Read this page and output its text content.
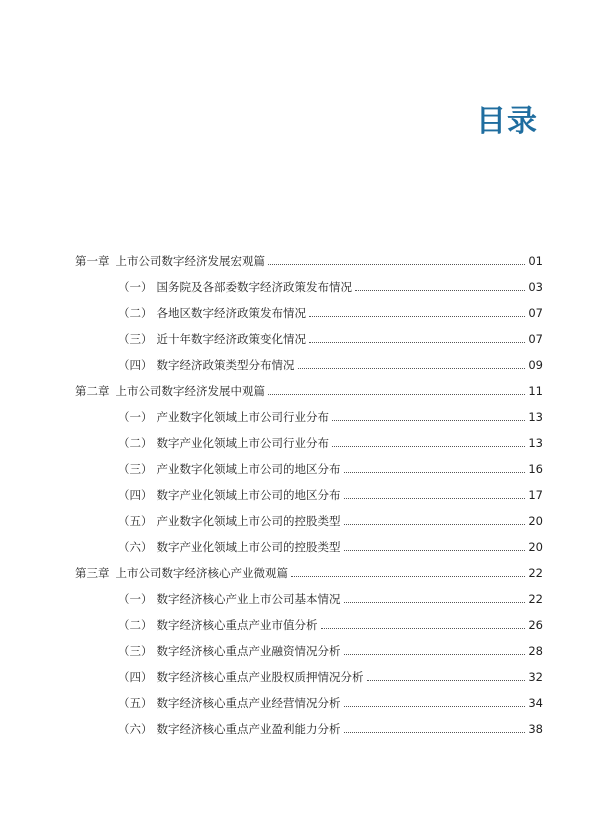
目录
第一章 上市公司数字经济发展宏观篇	01
（一） 国务院及各部委数字经济政策发布情况	03
（二） 各地区数字经济政策发布情况	07
（三） 近十年数字经济政策变化情况	07
（四） 数字经济政策类型分布情况	09
第二章 上市公司数字经济发展中观篇	11
（一） 产业数字化领域上市公司行业分布	13
（二） 数字产业化领域上市公司行业分布	13
（三） 产业数字化领域上市公司的地区分布	16
（四） 数字产业化领域上市公司的地区分布	17
（五） 产业数字化领域上市公司的控股类型	20
（六） 数字产业化领域上市公司的控股类型	20
第三章 上市公司数字经济核心产业微观篇	22
（一） 数字经济核心产业上市公司基本情况	22
（二） 数字经济核心重点产业市值分析	26
（三） 数字经济核心重点产业融资情况分析	28
（四） 数字经济核心重点产业股权质押情况分析	32
（五） 数字经济核心重点产业经营情况分析	34
（六） 数字经济核心重点产业盈利能力分析	38
